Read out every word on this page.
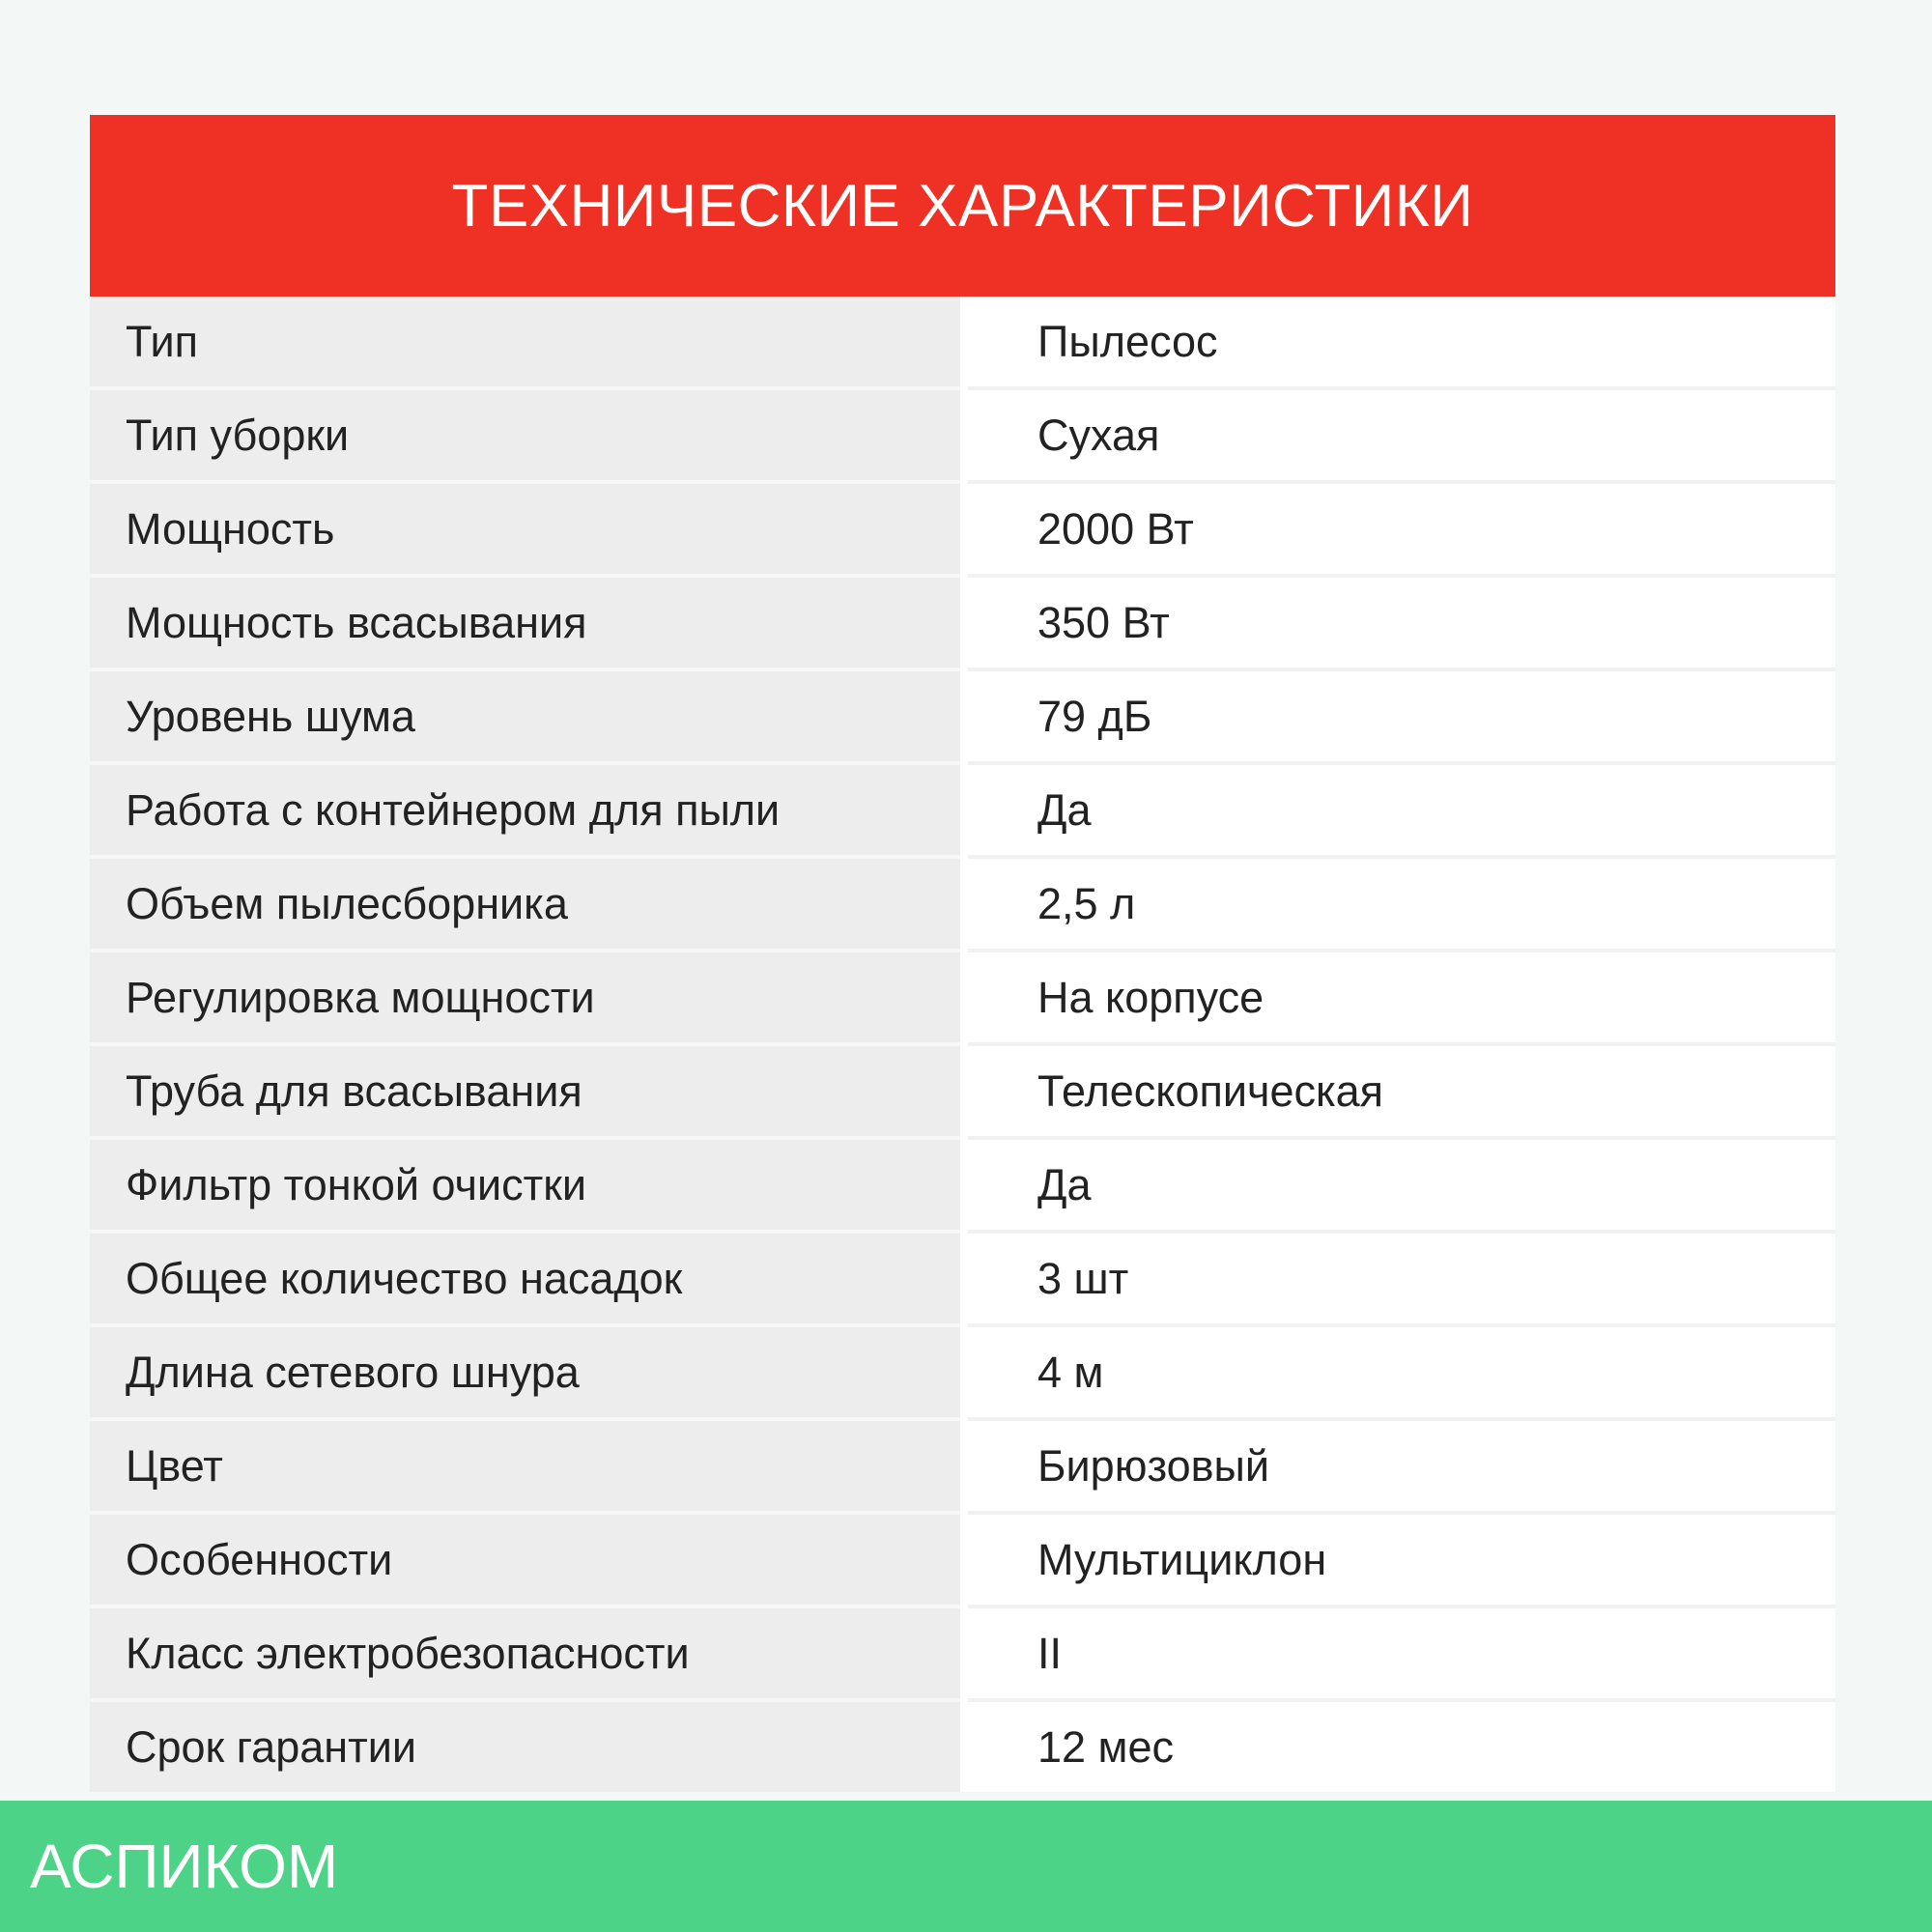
ТЕХНИЧЕСКИЕ ХАРАКТЕРИСТИКИ
Тип	Пылесос
Тип уборки	Сухая
Мощность	2000 Вт
Мощность всасывания	350 Вт
Уровень шума	79 дБ
Работа с контейнером для пыли	Да
Объем пылесборника	2,5 л
Регулировка мощности	На корпусе
Труба для всасывания	Телескопическая
Фильтр тонкой очистки	Да
Общее количество насадок	3 шт
Длина сетевого шнура	4 м
Цвет	Бирюзовый
Особенности	Мультициклон
Класс электробезопасности	II
Срок гарантии	12 мес
АСПИКОМ
